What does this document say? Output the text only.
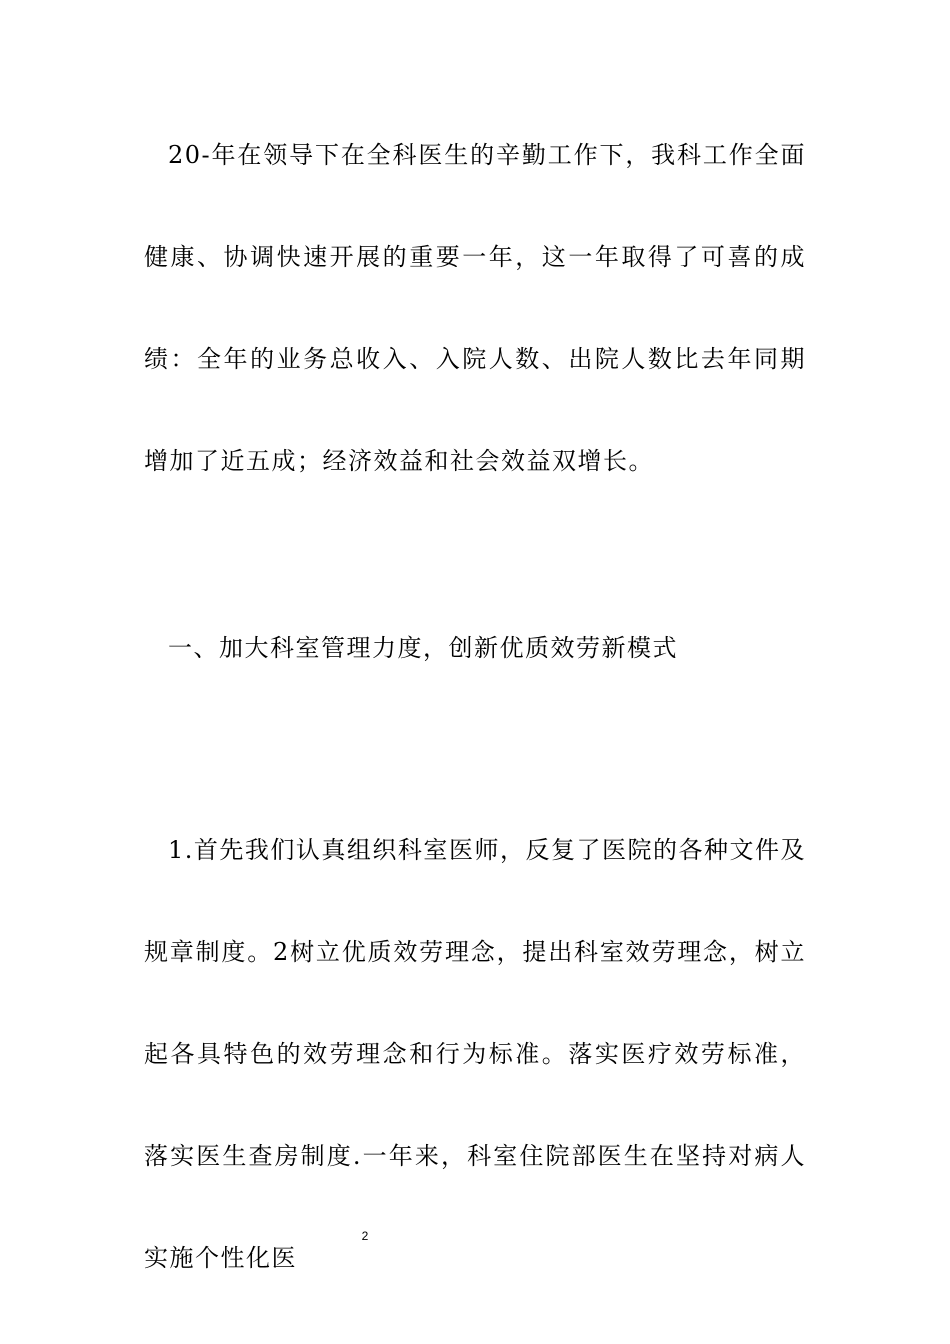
20-年在领导下在全科医生的辛勤工作下，我科工作全面健康、协调快速开展的重要一年，这一年取得了可喜的成绩：全年的业务总收入、入院人数、出院人数比去年同期增加了近五成；经济效益和社会效益双增长。

一、加大科室管理力度，创新优质效劳新模式

1.首先我们认真组织科室医师，反复了医院的各种文件及规章制度。2树立优质效劳理念，提出科室效劳理念，树立起各具特色的效劳理念和行为标准。落实医疗效劳标准，落实医生查房制度.一年来，科室住院部医生在坚持对病人实施个性化医

2
